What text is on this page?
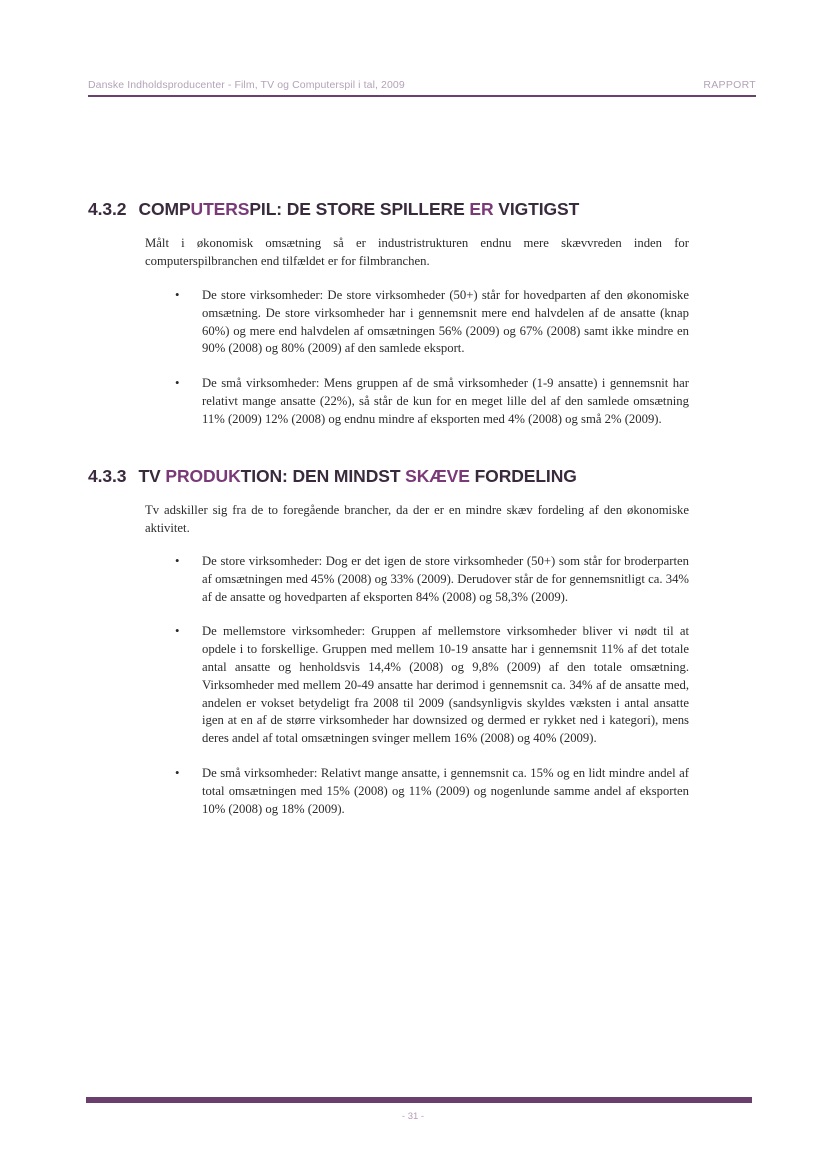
Danske Indholdsproducenter - Film, TV og Computerspil i tal, 2009	RAPPORT
4.3.2 COMPUTERSPIL: DE STORE SPILLERE ER VIGTIGST

Målt i økonomisk omsætning så er industristrukturen endnu mere skævvreden inden for computerspilbranchen end tilfældet er for filmbranchen.

• De store virksomheder: De store virksomheder (50+) står for hovedparten af den økonomiske omsætning. De store virksomheder har i gennemsnit mere end halvdelen af de ansatte (knap 60%) og mere end halvdelen af omsætningen 56% (2009) og 67% (2008) samt ikke mindre en 90% (2008) og 80% (2009) af den samlede eksport.
• De små virksomheder: Mens gruppen af de små virksomheder (1-9 ansatte) i gennemsnit har relativt mange ansatte (22%), så står de kun for en meget lille del af den samlede omsætning 11% (2009) 12% (2008) og endnu mindre af eksporten med 4% (2008) og små 2% (2009).
4.3.3 TV PRODUKTION: DEN MINDST SKÆVE FORDELING

Tv adskiller sig fra de to foregående brancher, da der er en mindre skæv fordeling af den økonomiske aktivitet.

• De store virksomheder: Dog er det igen de store virksomheder (50+) som står for broderparten af omsætningen med 45% (2008) og 33% (2009). Derudover står de for gennemsnitligt ca. 34% af de ansatte og hovedparten af eksporten 84% (2008) og 58,3% (2009).
• De mellemstore virksomheder: Gruppen af mellemstore virksomheder bliver vi nødt til at opdele i to forskellige. Gruppen med mellem 10-19 ansatte har i gennemsnit 11% af det totale antal ansatte og henholdsvis 14,4% (2008) og 9,8% (2009) af den totale omsætning. Virksomheder med mellem 20-49 ansatte har derimod i gennemsnit ca. 34% af de ansatte med, andelen er vokset betydeligt fra 2008 til 2009 (sandsynligvis skyldes væksten i antal ansatte igen at en af de større virksomheder har downsized og dermed er rykket ned i kategori), mens deres andel af total omsætningen svinger mellem 16% (2008) og 40% (2009).
• De små virksomheder: Relativt mange ansatte, i gennemsnit ca. 15% og en lidt mindre andel af total omsætningen med 15% (2008) og 11% (2009) og nogenlunde samme andel af eksporten 10% (2008) og 18% (2009).
- 31 -
